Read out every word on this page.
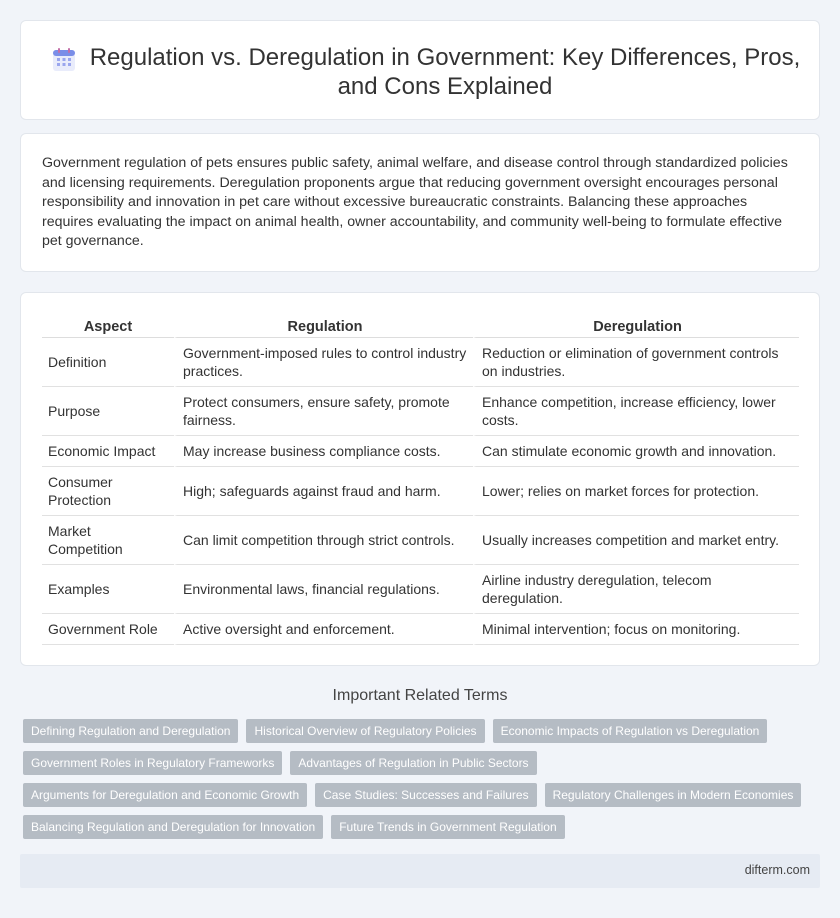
Regulation vs. Deregulation in Government: Key Differences, Pros, and Cons Explained

Government regulation of pets ensures public safety, animal welfare, and disease control through standardized policies and licensing requirements. Deregulation proponents argue that reducing government oversight encourages personal responsibility and innovation in pet care without excessive bureaucratic constraints. Balancing these approaches requires evaluating the impact on animal health, owner accountability, and community well-being to formulate effective pet governance.

Aspect	Regulation	Deregulation
Definition	Government-imposed rules to control industry practices.	Reduction or elimination of government controls on industries.
Purpose	Protect consumers, ensure safety, promote fairness.	Enhance competition, increase efficiency, lower costs.
Economic Impact	May increase business compliance costs.	Can stimulate economic growth and innovation.
Consumer Protection	High; safeguards against fraud and harm.	Lower; relies on market forces for protection.
Market Competition	Can limit competition through strict controls.	Usually increases competition and market entry.
Examples	Environmental laws, financial regulations.	Airline industry deregulation, telecom deregulation.
Government Role	Active oversight and enforcement.	Minimal intervention; focus on monitoring.
Important Related Terms
Defining Regulation and Deregulation	Historical Overview of Regulatory Policies	Economic Impacts of Regulation vs Deregulation
Government Roles in Regulatory Frameworks	Advantages of Regulation in Public Sectors
Arguments for Deregulation and Economic Growth	Case Studies: Successes and Failures	Regulatory Challenges in Modern Economies
Balancing Regulation and Deregulation for Innovation	Future Trends in Government Regulation
difterm.com
